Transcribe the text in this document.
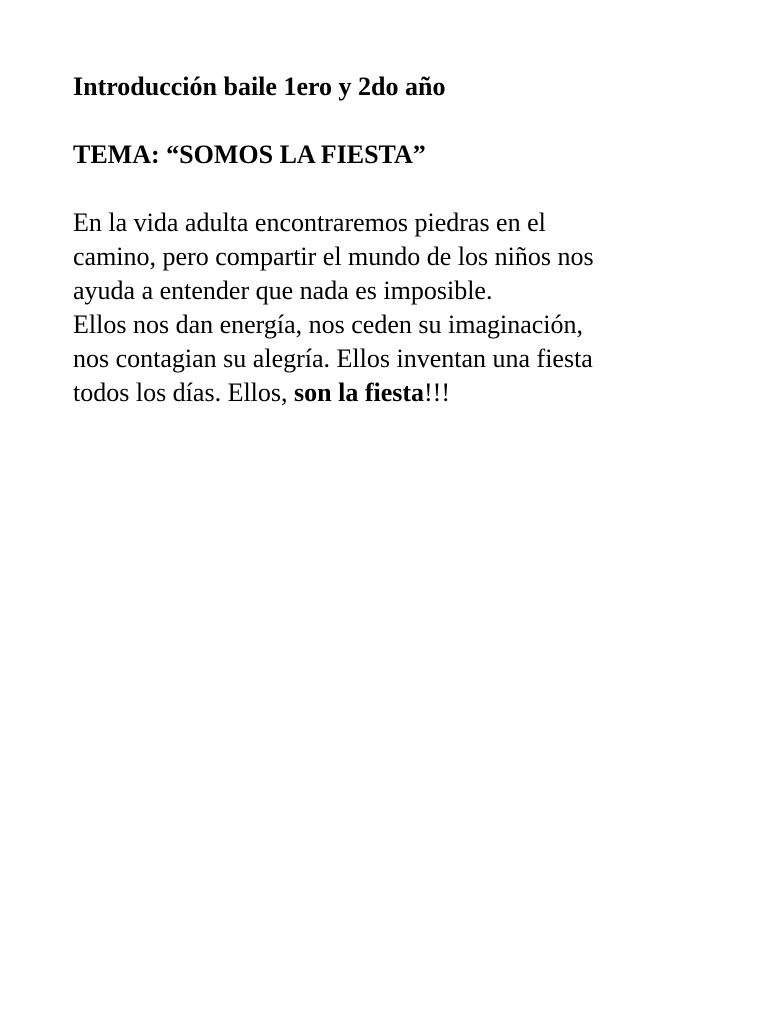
Introducción baile 1ero y 2do año

TEMA: “SOMOS LA FIESTA”

En la vida adulta encontraremos piedras en el

camino, pero compartir el mundo de los niños nos

ayuda a entender que nada es imposible.

Ellos nos dan energía, nos ceden su imaginación,

nos contagian su alegría. Ellos inventan una fiesta

todos los días. Ellos, son la fiesta!!!
